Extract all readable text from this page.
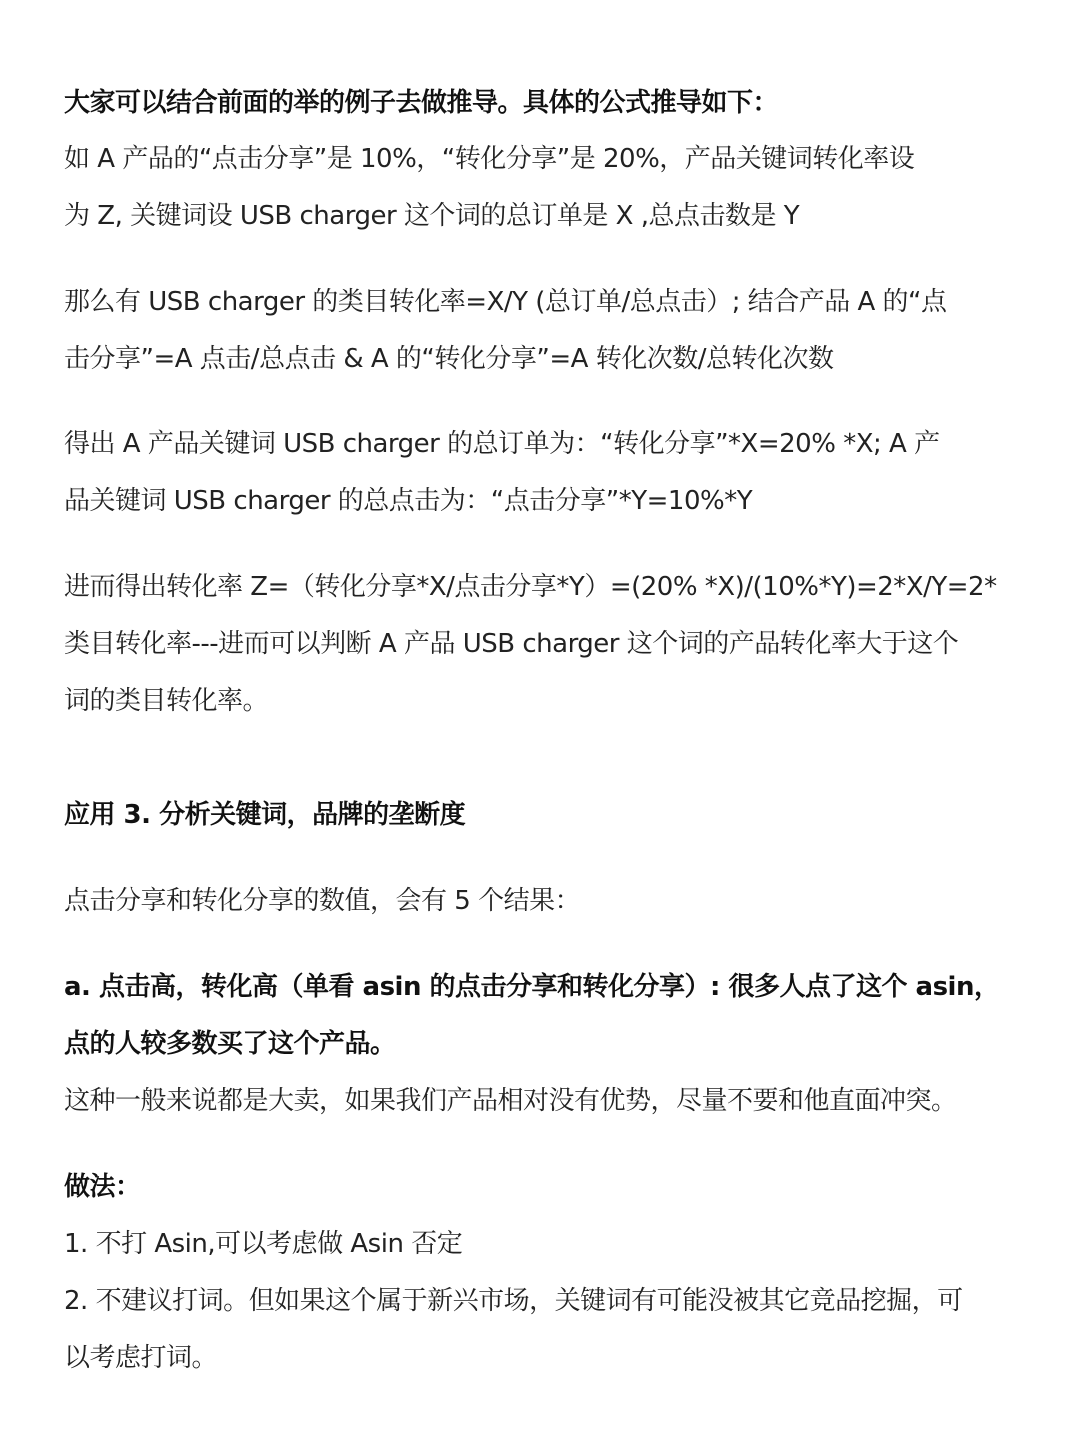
大家可以结合前面的举的例子去做推导。具体的公式推导如下：

如 A 产品的“点击分享”是 10%，“转化分享”是 20%，产品关键词转化率设

为 Z, 关键词设 USB charger 这个词的总订单是 X ,总点击数是 Y

那么有 USB charger 的类目转化率=X/Y (总订单/总点击）; 结合产品 A 的“点

击分享”=A 点击/总点击 & A 的“转化分享”=A 转化次数/总转化次数

得出 A 产品关键词 USB charger 的总订单为：“转化分享”*X=20% *X; A 产

品关键词 USB charger 的总点击为：“点击分享”*Y=10%*Y

进而得出转化率 Z=（转化分享*X/点击分享*Y）=(20% *X)/(10%*Y)=2*X/Y=2*

类目转化率---进而可以判断 A 产品 USB charger 这个词的产品转化率大于这个

词的类目转化率。

应用 3. 分析关键词，品牌的垄断度

点击分享和转化分享的数值，会有 5 个结果：

a. 点击高，转化高（单看 asin 的点击分享和转化分享）: 很多人点了这个 asin，

点的人较多数买了这个产品。

这种一般来说都是大卖，如果我们产品相对没有优势，尽量不要和他直面冲突。

做法：

1. 不打 Asin,可以考虑做 Asin 否定

2. 不建议打词。但如果这个属于新兴市场，关键词有可能没被其它竞品挖掘，可

以考虑打词。
